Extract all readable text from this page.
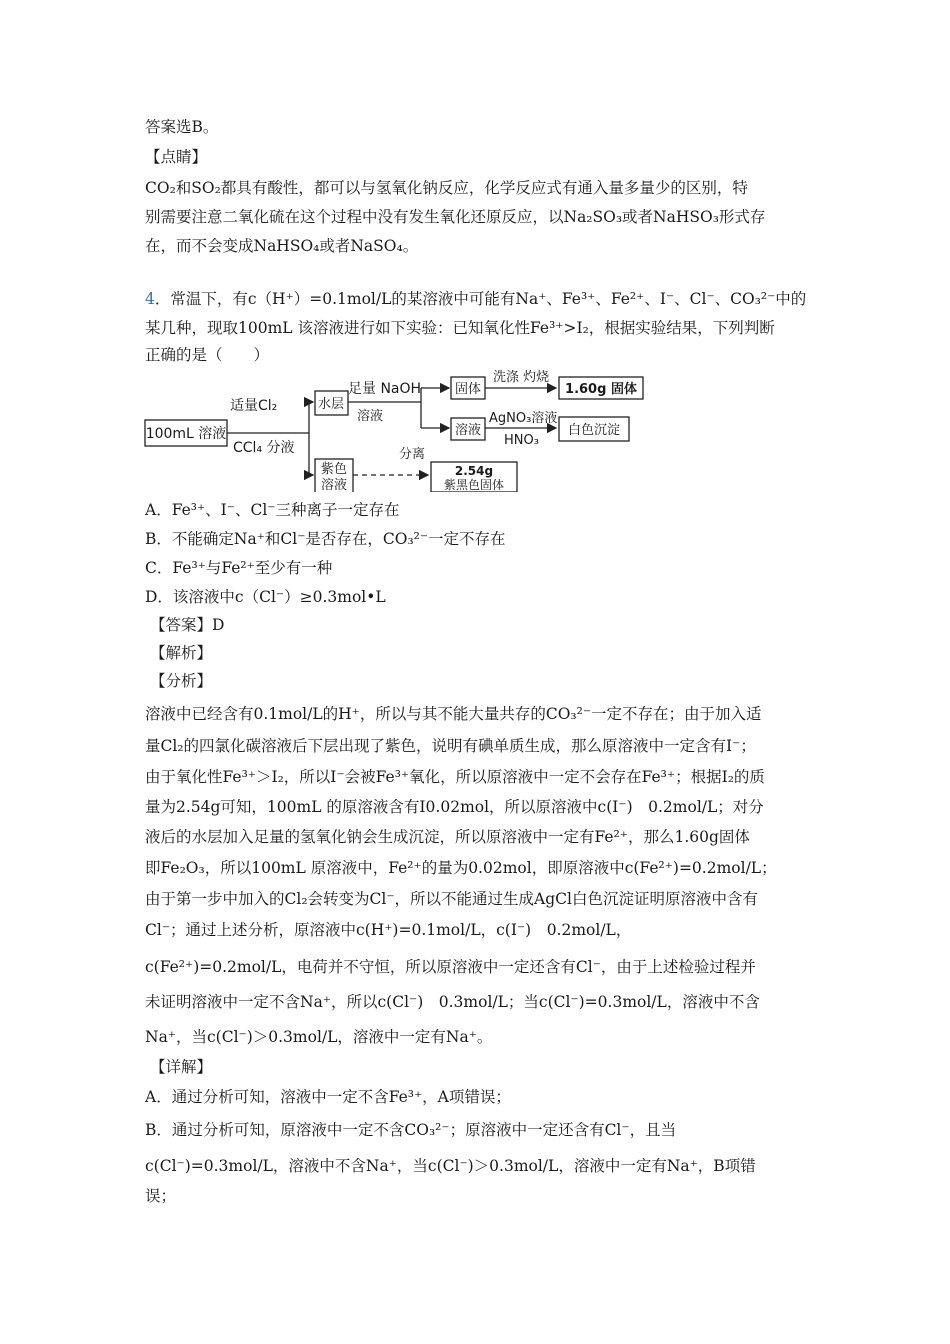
答案选B。
【点睛】
CO₂和SO₂都具有酸性，都可以与氢氧化钠反应，化学反应式有通入量多量少的区别，特
别需要注意二氧化硫在这个过程中没有发生氧化还原反应，以Na₂SO₃或者NaHSO₃形式存
在，而不会变成NaHSO₄或者NaSO₄。
4．常温下，有c（H⁺）=0.1mol/L的某溶液中可能有Na⁺、Fe³⁺、Fe²⁺、I⁻、Cl⁻、CO₃²⁻中的
某几种，现取100mL 该溶液进行如下实验：已知氧化性Fe³⁺>I₂，根据实验结果，下列判断
正确的是（　　）
100mL 溶液
适量Cl₂
CCl₄ 分液
水层
紫色
溶液
足量 NaOH
溶液
固体
洗涤 灼烧
1.60g 固体
溶液
AgNO₃溶液
HNO₃
白色沉淀
分离
2.54g
紫黑色固体
A．Fe³⁺、I⁻、Cl⁻三种离子一定存在
B．不能确定Na⁺和Cl⁻是否存在，CO₃²⁻一定不存在
C．Fe³⁺与Fe²⁺至少有一种
D．该溶液中c（Cl⁻）≥0.3mol•L
【答案】D
【解析】
【分析】
溶液中已经含有0.1mol/L的H⁺，所以与其不能大量共存的CO₃²⁻一定不存在；由于加入适
量Cl₂的四氯化碳溶液后下层出现了紫色，说明有碘单质生成，那么原溶液中一定含有I⁻；
由于氧化性Fe³⁺＞I₂，所以I⁻会被Fe³⁺氧化，所以原溶液中一定不会存在Fe³⁺；根据I₂的质
量为2.54g可知，100mL 的原溶液含有I0.02mol，所以原溶液中c(I⁻)　0.2mol/L；对分
液后的水层加入足量的氢氧化钠会生成沉淀，所以原溶液中一定有Fe²⁺，那么1.60g固体
即Fe₂O₃，所以100mL 原溶液中，Fe²⁺的量为0.02mol，即原溶液中c(Fe²⁺)=0.2mol/L；
由于第一步中加入的Cl₂会转变为Cl⁻，所以不能通过生成AgCl白色沉淀证明原溶液中含有
Cl⁻；通过上述分析，原溶液中c(H⁺)=0.1mol/L，c(I⁻)　0.2mol/L，
c(Fe²⁺)=0.2mol/L，电荷并不守恒，所以原溶液中一定还含有Cl⁻，由于上述检验过程并
未证明溶液中一定不含Na⁺，所以c(Cl⁻)　0.3mol/L；当c(Cl⁻)=0.3mol/L，溶液中不含
Na⁺，当c(Cl⁻)＞0.3mol/L，溶液中一定有Na⁺。
【详解】
A．通过分析可知，溶液中一定不含Fe³⁺，A项错误；
B．通过分析可知，原溶液中一定不含CO₃²⁻；原溶液中一定还含有Cl⁻，且当
c(Cl⁻)=0.3mol/L，溶液中不含Na⁺，当c(Cl⁻)＞0.3mol/L，溶液中一定有Na⁺，B项错
误；
